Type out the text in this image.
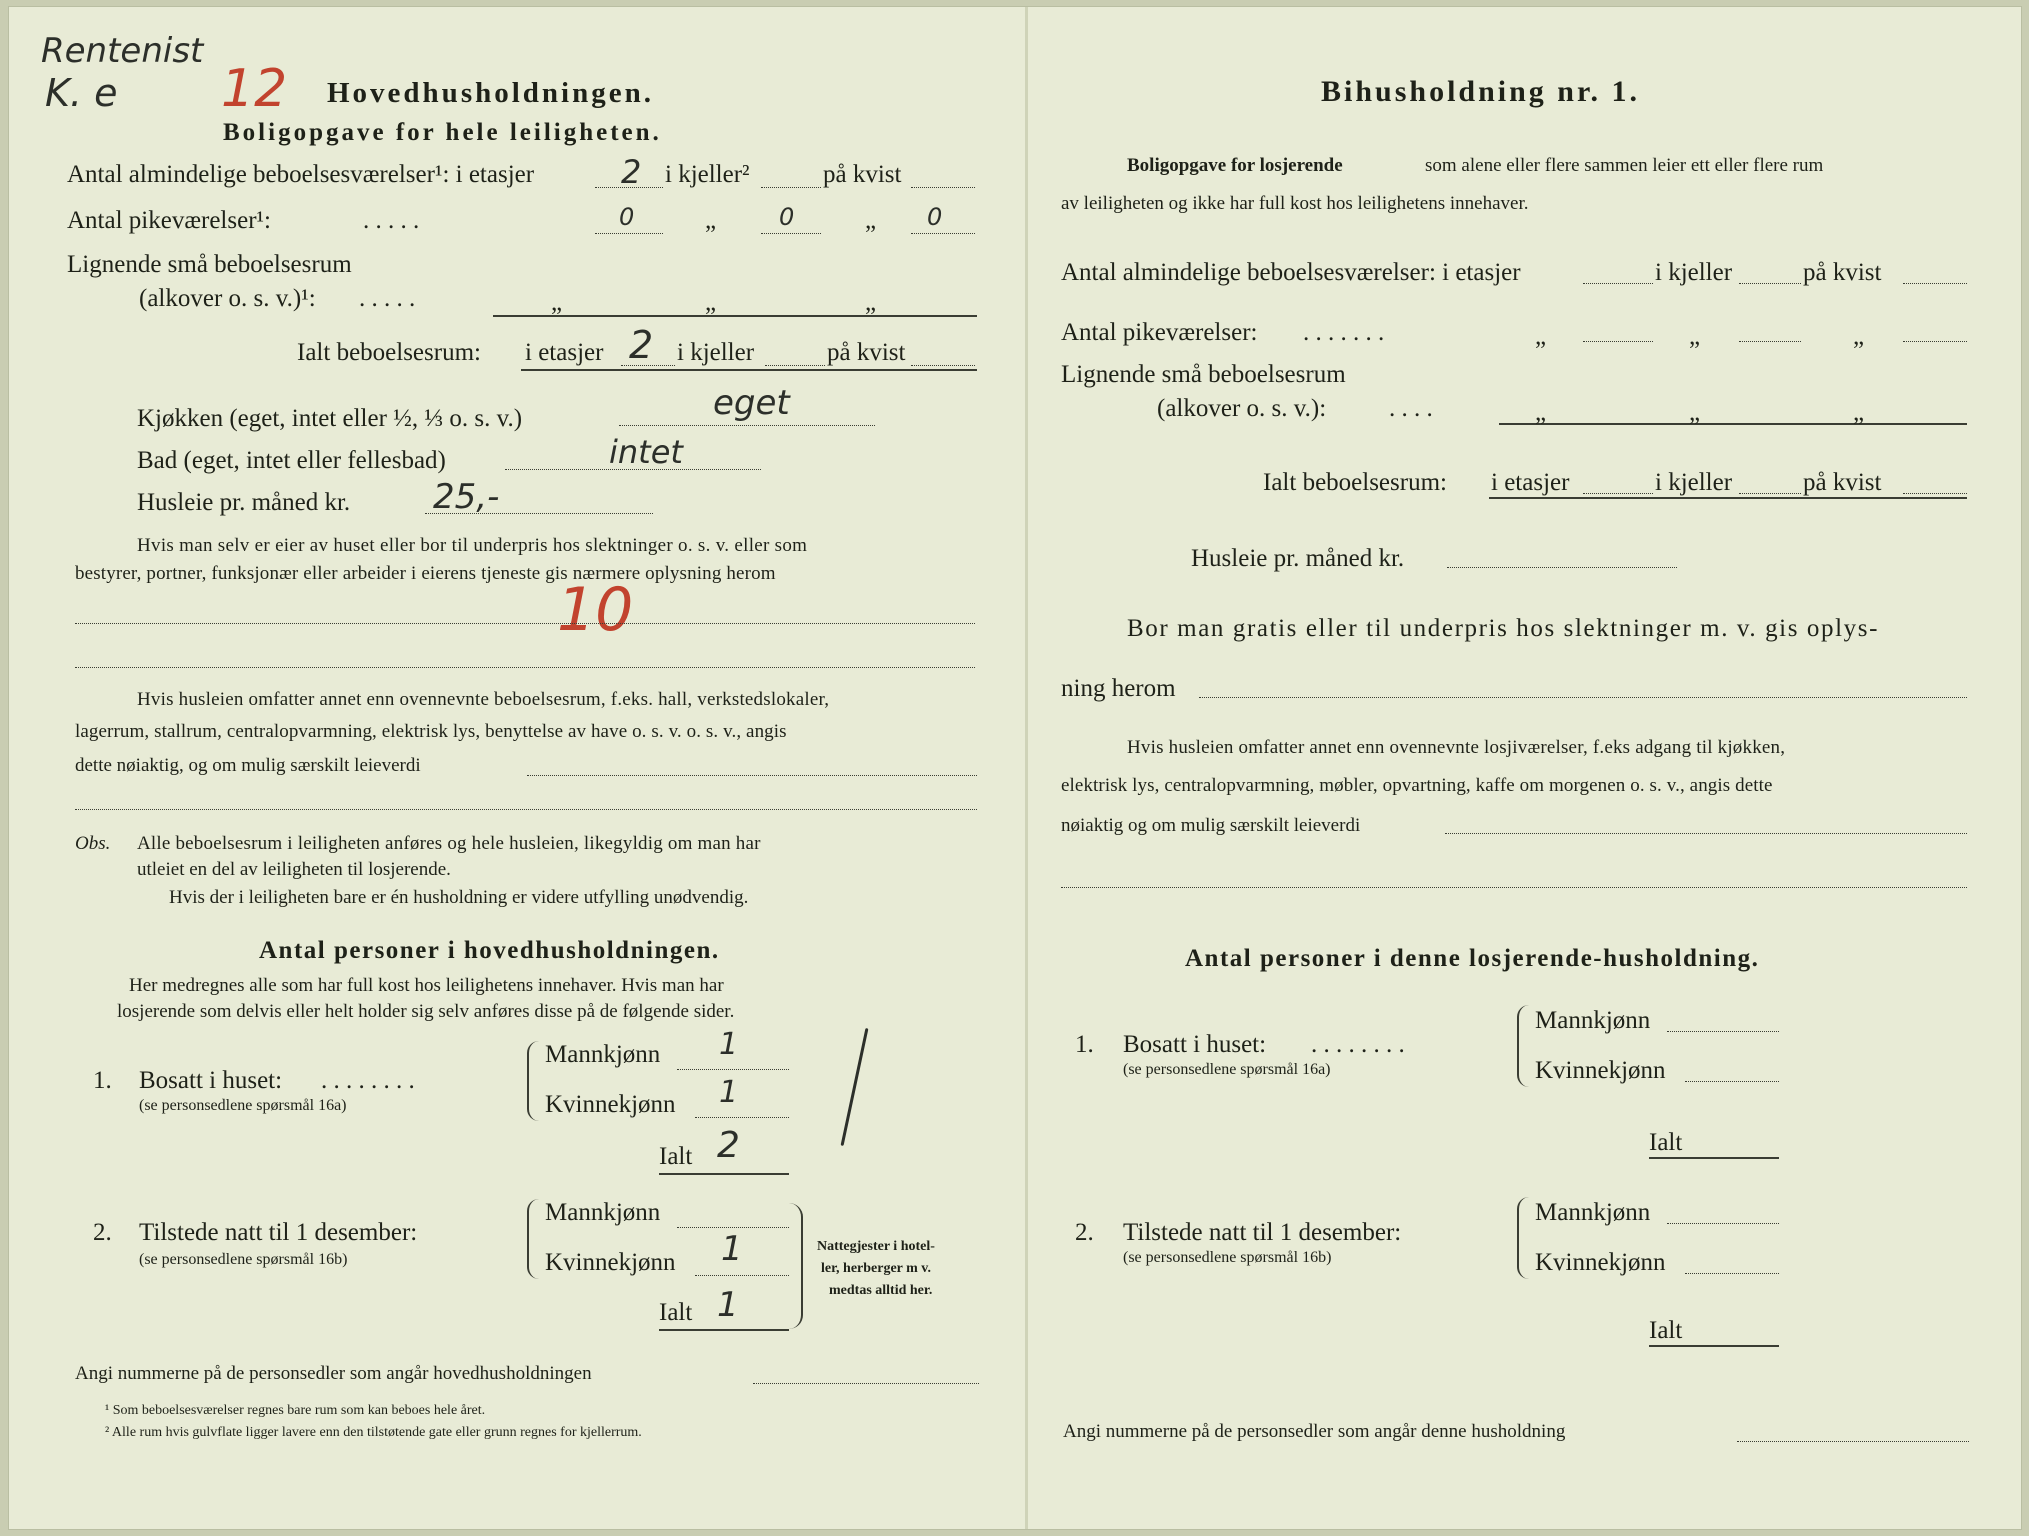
Rentenist
K. e 12 Hovedhusholdningen.
Boligopgave for hele leiligheten.
Antal almindelige beboelsesværelser¹: i etasjer	2 i kjeller²	på kvist
Antal pikeværelser¹:	. . . . .	0	„	0	„ 0
Lignende små beboelsesrum
(alkover o. s. v.)¹: . . . . .	„	„	„
Ialt beboelsesrum: i etasjer 2 i kjeller	på kvist
Kjøkken (eget, intet eller ½, ⅓ o. s. v.)	eget
Bad (eget, intet eller fellesbad)	intet
Husleie pr. måned kr. 25,-
Hvis man selv er eier av huset eller bor til underpris hos slektninger o. s. v. eller som
bestyrer, portner, funksjonær eller arbeider i eierens tjeneste gis nærmere oplysning herom
10
Hvis husleien omfatter annet enn ovennevnte beboelsesrum, f.eks. hall, verkstedslokaler,
lagerrum, stallrum, centralopvarmning, elektrisk lys, benyttelse av have o. s. v. o. s. v., angis
dette nøiaktig, og om mulig særskilt leieverdi
Obs. Alle beboelsesrum i leiligheten anføres og hele husleien, likegyldig om man har
utleiet en del av leiligheten til losjerende.
Hvis der i leiligheten bare er én husholdning er videre utfylling unødvendig.
Antal personer i hovedhusholdningen.
Her medregnes alle som har full kost hos leilighetens innehaver. Hvis man har
losjerende som delvis eller helt holder sig selv anføres disse på de følgende sider.
1. Bosatt i huset: . . . . . . . .
(se personsedlene spørsmål 16a)
Mannkjønn 1
Kvinnekjønn 1
Ialt 2
2. Tilstede natt til 1 desember:
(se personsedlene spørsmål 16b)
Mannkjønn
Kvinnekjønn 1
Ialt 1
Nattegjester i hotel-
ler, herberger m v.
medtas alltid her.
Angi nummerne på de personsedler som angår hovedhusholdningen
¹ Som beboelsesværelser regnes bare rum som kan beboes hele året.
² Alle rum hvis gulvflate ligger lavere enn den tilstøtende gate eller grunn regnes for kjellerrum.
Bihusholdning nr. 1.
Boligopgave for losjerende	som alene eller flere sammen leier ett eller flere rum
av leiligheten og ikke har full kost hos leilighetens innehaver.
Antal almindelige beboelsesværelser: i etasjer	i kjeller	på kvist
Antal pikeværelser: . . . . . . .	„	„	„
Lignende små beboelsesrum
(alkover o. s. v.):	. . . .	„	„	„
Ialt beboelsesrum: i etasjer	i kjeller	på kvist
Husleie pr. måned kr.
Bor man gratis eller til underpris hos slektninger m. v. gis oplys-
ning herom
Hvis husleien omfatter annet enn ovennevnte losjiværelser, f.eks adgang til kjøkken,
elektrisk lys, centralopvarmning, møbler, opvartning, kaffe om morgenen o. s. v., angis dette
nøiaktig og om mulig særskilt leieverdi
Antal personer i denne losjerende-husholdning.
1. Bosatt i huset: . . . . . . . .
(se personsedlene spørsmål 16a)
Mannkjønn
Kvinnekjønn
Ialt
2. Tilstede natt til 1 desember:
(se personsedlene spørsmål 16b)
Mannkjønn
Kvinnekjønn
Ialt
Angi nummerne på de personsedler som angår denne husholdning
